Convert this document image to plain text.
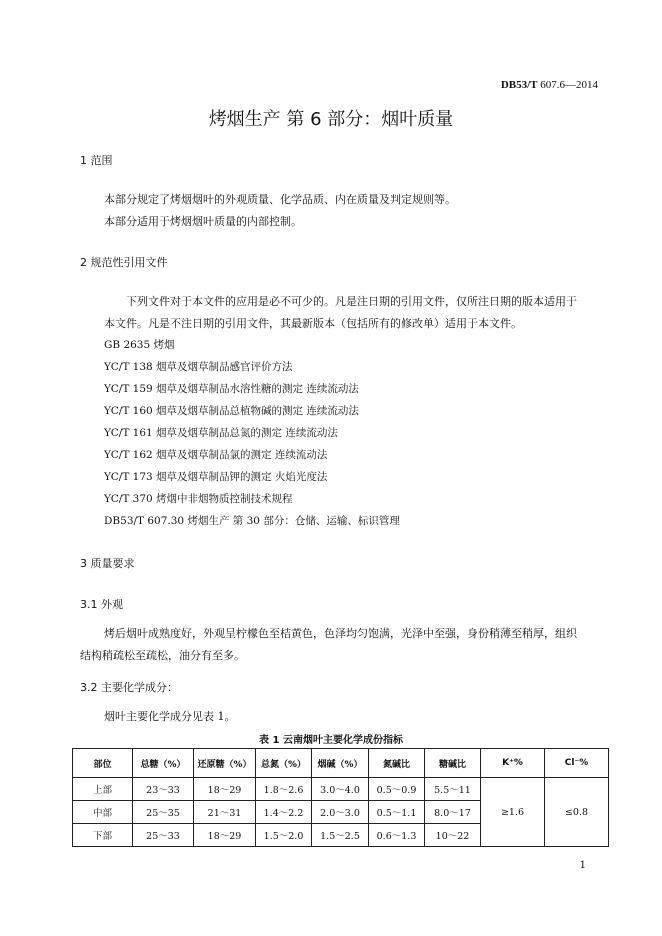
DB53/T 607.6—2014
烤烟生产 第 6 部分：烟叶质量
1 范围
本部分规定了烤烟烟叶的外观质量、化学品质、内在质量及判定规则等。
本部分适用于烤烟烟叶质量的内部控制。
2 规范性引用文件
下列文件对于本文件的应用是必不可少的。凡是注日期的引用文件，仅所注日期的版本适用于
本文件。凡是不注日期的引用文件，其最新版本（包括所有的修改单）适用于本文件。
GB 2635 烤烟
YC/T 138 烟草及烟草制品感官评价方法
YC/T 159 烟草及烟草制品水溶性糖的测定 连续流动法
YC/T 160 烟草及烟草制品总植物碱的测定 连续流动法
YC/T 161 烟草及烟草制品总氮的测定 连续流动法
YC/T 162 烟草及烟草制品氯的测定 连续流动法
YC/T 173 烟草及烟草制品钾的测定 火焰光度法
YC/T 370 烤烟中非烟物质控制技术规程
DB53/T 607.30 烤烟生产 第 30 部分：仓储、运输、标识管理
3 质量要求
3.1 外观
烤后烟叶成熟度好，外观呈柠檬色至桔黄色，色泽均匀饱满，光泽中至强，身份稍薄至稍厚，组织
结构稍疏松至疏松，油分有至多。
3.2 主要化学成分：
烟叶主要化学成分见表 1。
表 1 云南烟叶主要化学成份指标
部位	总糖（%）	还原糖（%）	总氮（%）	烟碱（%）	氮碱比	糖碱比	K⁺%	Cl⁻%
上部	23～33	18～29	1.8～2.6	3.0～4.0	0.5～0.9	5.5～11	≥1.6	≤0.8
中部	25～35	21～31	1.4～2.2	2.0～3.0	0.5～1.1	8.0～17		
下部	25～33	18～29	1.5～2.0	1.5～2.5	0.6～1.3	10～22		
1
